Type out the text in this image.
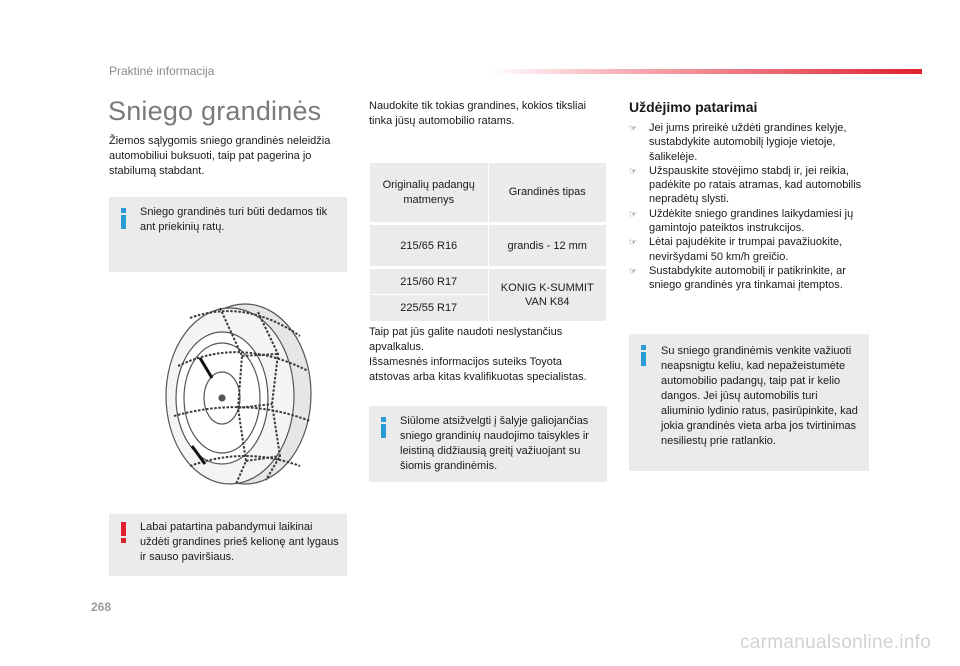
Praktinė informacija
Sniego grandinės
Žiemos sąlygomis sniego grandinės neleidžia automobiliui buksuoti, taip pat pagerina jo stabilumą stabdant.
Sniego grandinės turi būti dedamos tik ant priekinių ratų.
Labai patartina pabandymui laikinai uždėti grandines prieš kelionę ant lygaus ir sauso paviršiaus.
Naudokite tik tokias grandines, kokios tiksliai tinka jūsų automobilio ratams.
Originalių padangų matmenys	Grandinės tipas
215/65 R16	grandis - 12 mm
215/60 R17	KONIG K-SUMMIT VAN K84
225/55 R17	
Taip pat jūs galite naudoti neslystančius apvalkalus.
Išsamesnės informacijos suteiks Toyota atstovas arba kitas kvalifikuotas specialistas.
Siūlome atsižvelgti į šalyje galiojančias sniego grandinių naudojimo taisykles ir leistiną didžiausią greitį važiuojant su šiomis grandinėmis.
Uždėjimo patarimai
☞ Jei jums prireikė uždėti grandines kelyje, sustabdykite automobilį lygioje vietoje, šalikelėje.
☞ Užspauskite stovėjimo stabdį ir, jei reikia, padėkite po ratais atramas, kad automobilis nepradėtų slysti.
☞ Uždėkite sniego grandines laikydamiesi jų gamintojo pateiktos instrukcijos.
☞ Lėtai pajudėkite ir trumpai pavažiuokite, neviršydami 50 km/h greičio.
☞ Sustabdykite automobilį ir patikrinkite, ar sniego grandinės yra tinkamai įtemptos.
Su sniego grandinėmis venkite važiuoti neapsnigtu keliu, kad nepažeistumėte automobilio padangų, taip pat ir kelio dangos. Jei jūsų automobilis turi aliuminio lydinio ratus, pasirūpinkite, kad jokia grandinės vieta arba jos tvirtinimas nesiliestų prie ratlankio.
268
carmanualsonline.info
